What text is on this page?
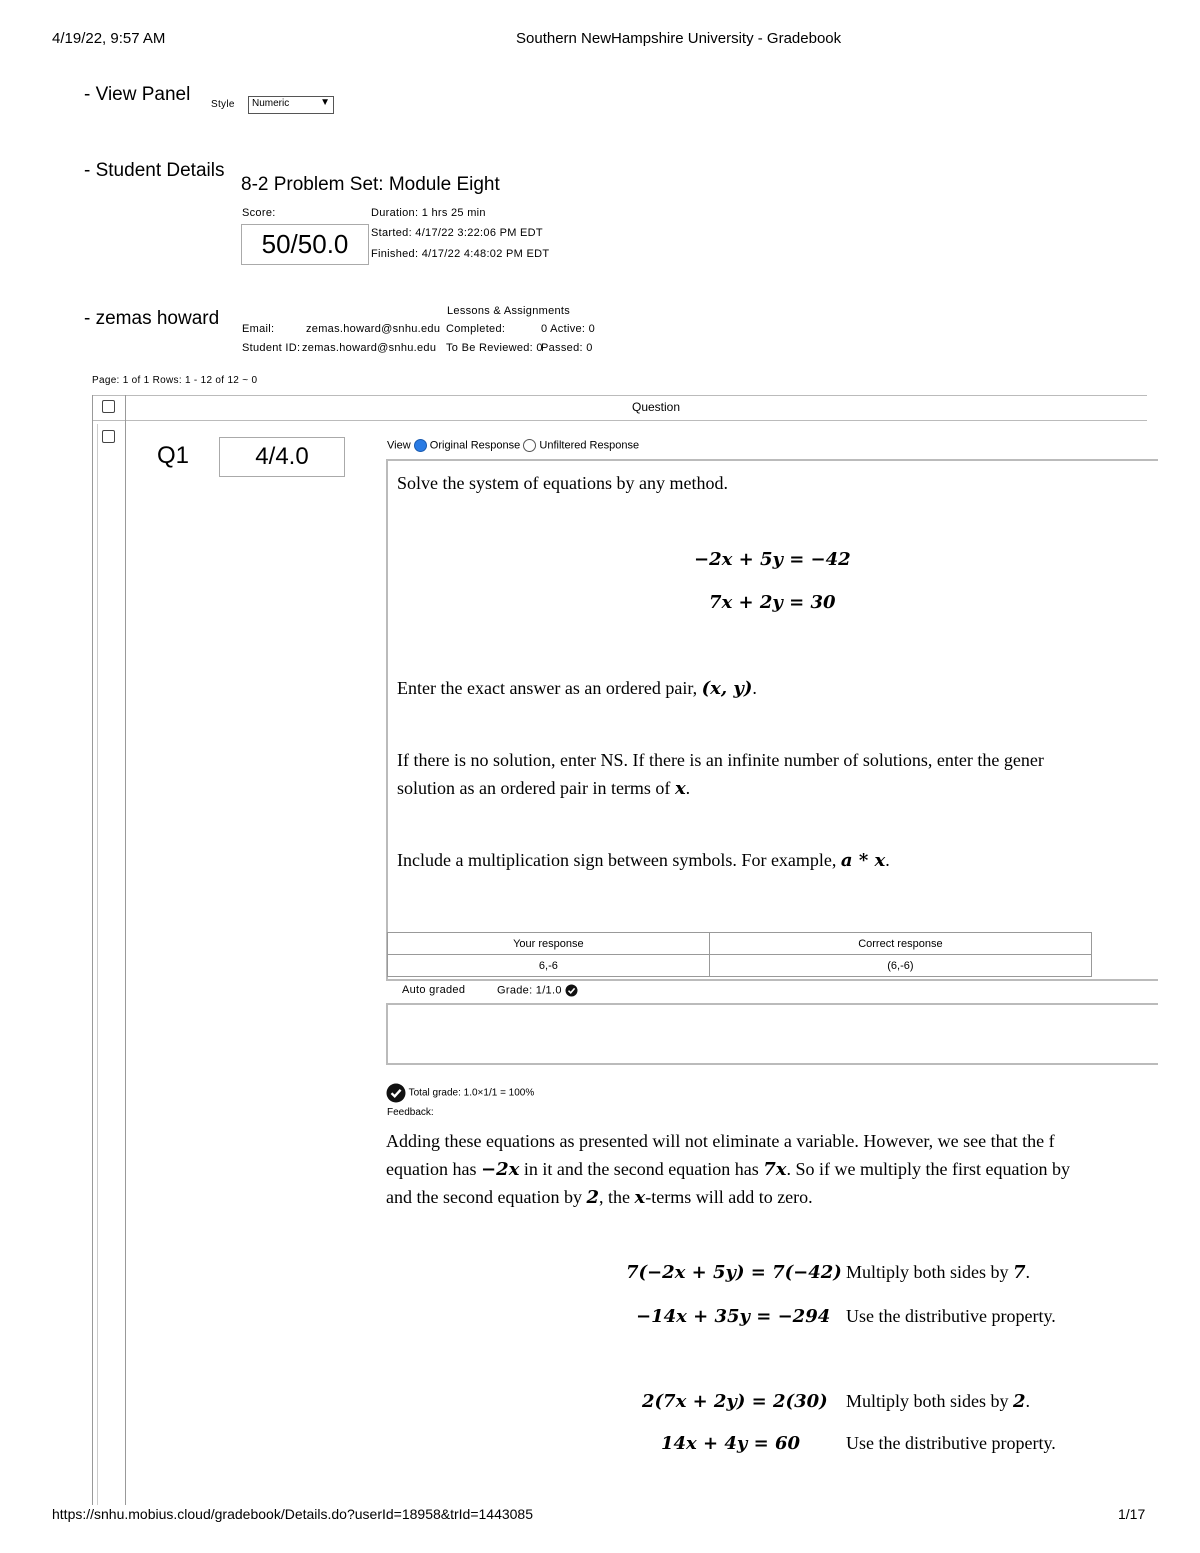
4/19/22, 9:57 AM	Southern NewHampshire University - Gradebook
- View Panel Style	Numeric	▼
- Student Details
8-2 Problem Set: Module Eight
Score:
50/50.0
Duration: 1 hrs 25 min
Started: 4/17/22 3:22:06 PM EDT
Finished: 4/17/22 4:48:02 PM EDT
- zemas howard	Lessons & Assignments
Email:	zemas.howard@snhu.edu Completed:	0 Active: 0
Student ID: zemas.howard@snhu.edu To Be Reviewed: 0
Passed: 0
Page: 1 of 1 Rows: 1 - 12 of 12 ~ 0
Question
Q1	4/4.0	View Original Response Unfiltered Response
Solve the system of equations by any method.
−2x + 5y = −42
7x + 2y = 30
Enter the exact answer as an ordered pair, (x, y).
If there is no solution, enter NS. If there is an infinite number of solutions, enter the gener
solution as an ordered pair in terms of x.
Include a multiplication sign between symbols. For example, a * x.
Your response	Correct response
6,-6	(6,-6)
Auto graded	Grade: 1/1.0
Total grade: 1.0×1/1 = 100%
Feedback:
Adding these equations as presented will not eliminate a variable. However, we see that the f
equation has −2x in it and the second equation has 7x. So if we multiply the first equation by
and the second equation by 2, the x-terms will add to zero.
7(−2x + 5y) = 7(−42) Multiply both sides by 7.
−14x + 35y = −294 Use the distributive property.
2(7x + 2y) = 2(30) Multiply both sides by 2.
14x + 4y = 60	Use the distributive property.
https://snhu.mobius.cloud/gradebook/Details.do?userId=18958&trId=1443085	1/17
